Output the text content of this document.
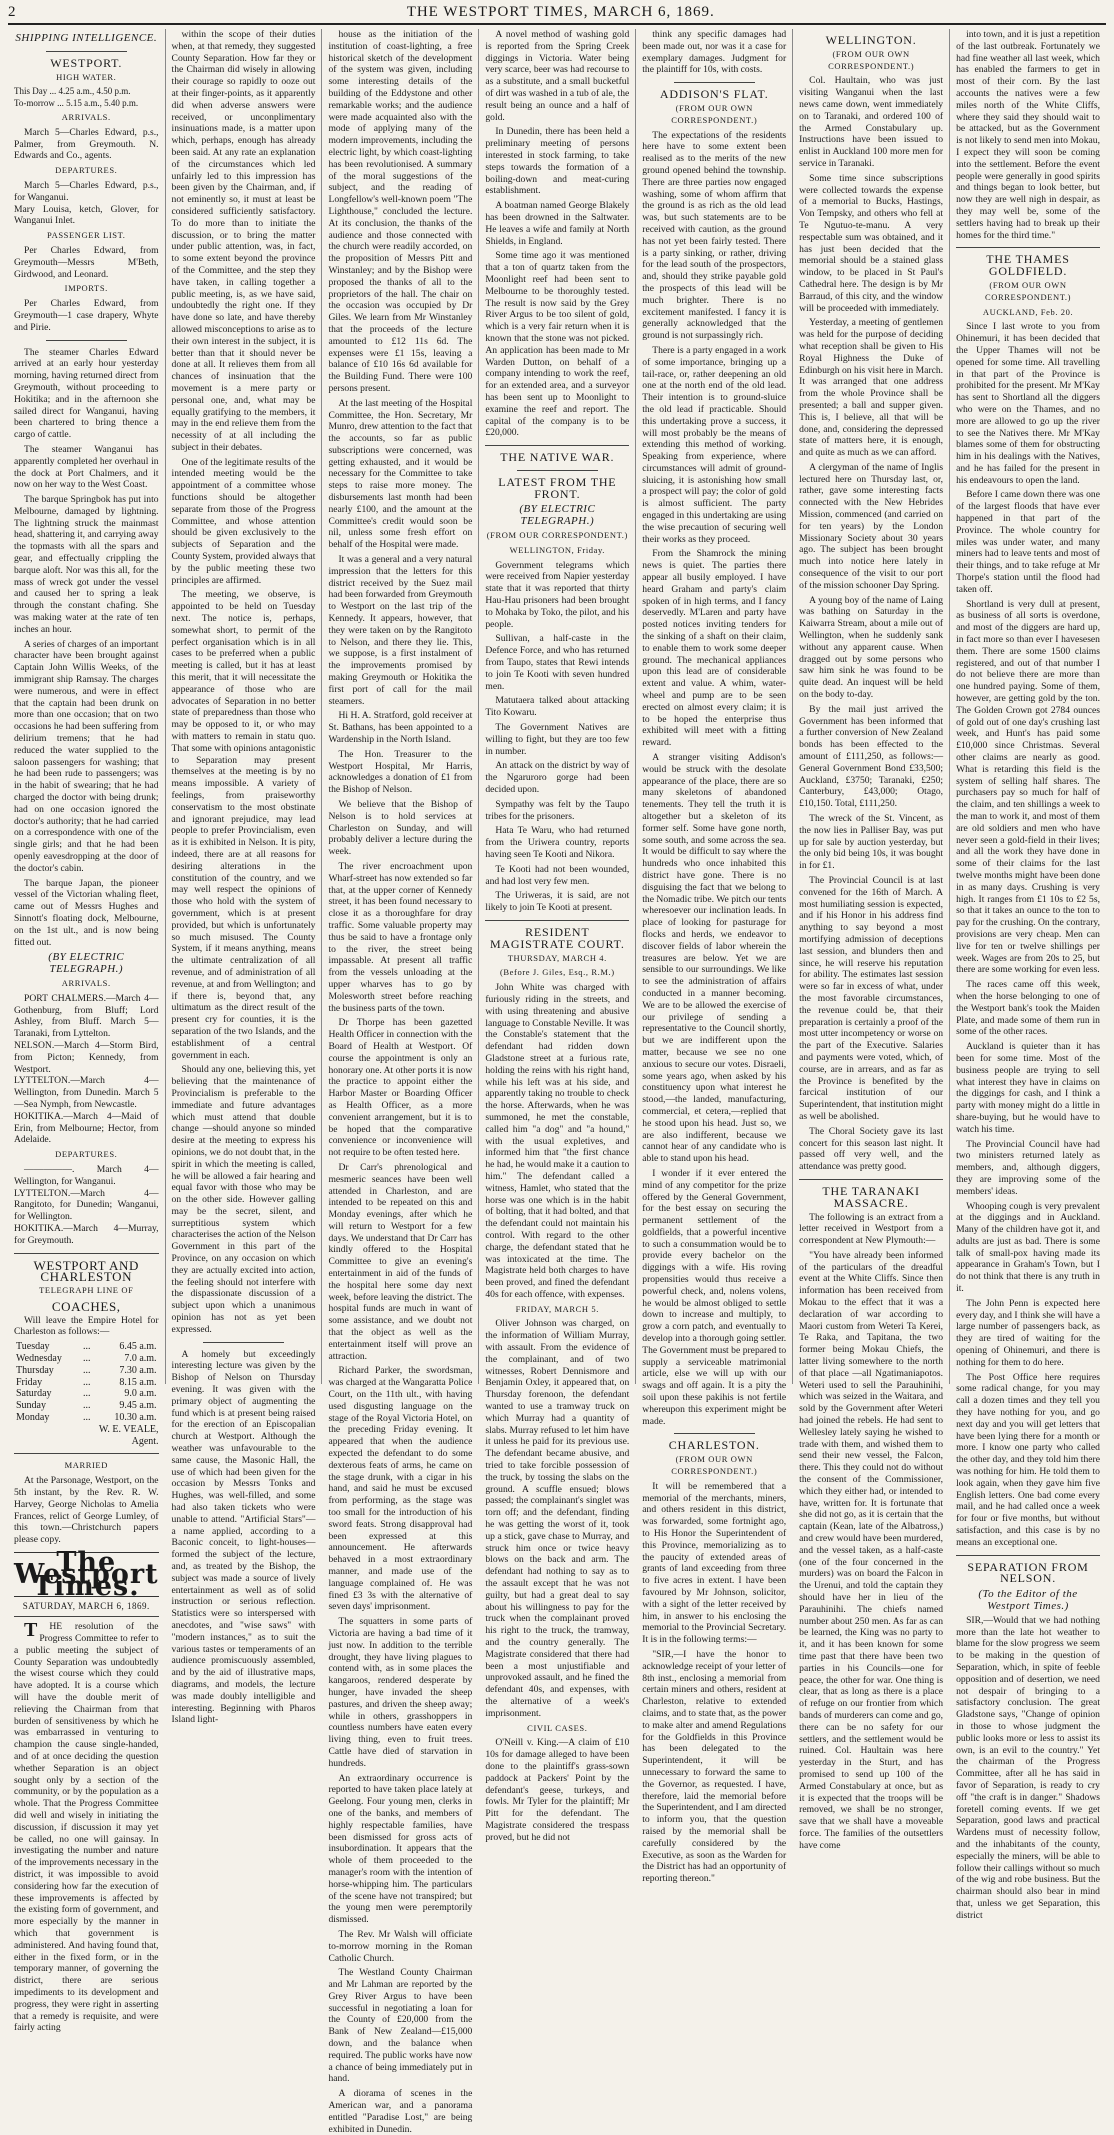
2	THE WESTPORT TIMES, MARCH 6, 1869.
SHIPPING INTELLIGENCE.
WESTPORT.
HIGH WATER.
This Day ... 4.25 a.m., 4.50 p.m.
To-morrow ... 5.15 a.m., 5.40 p.m.
ARRIVALS.

March 5—Charles Edward, p.s., Palmer, from Greymouth. N. Edwards and Co., agents.

DEPARTURES.

March 5—Charles Edward, p.s., for Wanganui.
Mary Louisa, ketch, Glover, for Wanganui Inlet.

PASSENGER LIST.

Per Charles Edward, from Greymouth—Messrs M'Beth, Girdwood, and Leonard.

IMPORTS.

Per Charles Edward, from Greymouth—1 case drapery, Whyte and Pirie.

The steamer Charles Edward arrived at an early hour yesterday morning, having returned direct from Greymouth, without proceeding to Hokitika; and in the afternoon she sailed direct for Wanganui, having been chartered to bring thence a cargo of cattle.

The steamer Wanganui has apparently completed her overhaul in the dock at Port Chalmers, and it now on her way to the West Coast.

The barque Springbok has put into Melbourne, damaged by lightning. The lightning struck the mainmast head, shattering it, and carrying away the topmasts with all the spars and gear, and effectually crippling the barque aloft. Nor was this all, for the mass of wreck got under the vessel and caused her to spring a leak through the constant chafing. She was making water at the rate of ten inches an hour.

A series of charges of an important character have been brought against Captain John Willis Weeks, of the immigrant ship Ramsay. The charges were numerous, and were in effect that the captain had been drunk on more than one occasion; that on two occasions he had been suffering from delirium tremens; that he had reduced the water supplied to the saloon passengers for washing; that he had been rude to passengers; was in the habit of swearing; that he had charged the doctor with being drunk; had on one occasion ignored the doctor's authority; that he had carried on a correspondence with one of the single girls; and that he had been openly eavesdropping at the door of the doctor's cabin.

The barque Japan, the pioneer vessel of the Victorian whaling fleet, came out of Messrs Hughes and Sinnott's floating dock, Melbourne, on the 1st ult., and is now being fitted out.

(BY ELECTRIC TELEGRAPH.)
ARRIVALS.

PORT CHALMERS.—March 4—Gothenburg, from Bluff; Lord Ashley, from Bluff. March 5—Taranaki, from Lyttelton.
NELSON.—March 4—Storm Bird, from Picton; Kennedy, from Westport.
LYTTELTON.—March 4—Wellington, from Dunedin. March 5—Sea Nymph, from Newcastle.
HOKITIKA.—March 4—Maid of Erin, from Melbourne; Hector, from Adelaide.

DEPARTURES.

—————. March 4—Wellington, for Wanganui.
LYTTELTON.—March 4—Rangitoto, for Dunedin; Wanganui, for Wellington.
HOKITIKA.—March 4—Murray, for Greymouth.

WESTPORT AND CHARLESTON
TELEGRAPH LINE OF
COACHES,

Will leave the Empire Hotel for Charleston as follows:—

Tuesday	...	6.45 a.m.
Wednesday	...	7.0 a.m.
Thursday	...	7.30 a.m.
Friday	...	8.15 a.m.
Saturday	...	9.0 a.m.
Sunday	...	9.45 a.m.
Monday	...	10.30 a.m.
W. E. VEALE,
Agent.
MARRIED

At the Parsonage, Westport, on the 5th instant, by the Rev. R. W. Harvey, George Nicholas to Amelia Frances, relict of George Lumley, of this town.—Christchurch papers please copy.

The Westport Times.
SATURDAY, MARCH 6, 1869.

THE resolution of the Progress Committee to refer to a public meeting the subject of County Separation was undoubtedly the wisest course which they could have adopted. It is a course which will have the double merit of relieving the Chairman from that burden of sensitiveness by which he was embarrassed in venturing to champion the cause single-handed, and of at once deciding the question whether Separation is an object sought only by a section of the community, or by the population as a whole. That the Progress Committee did well and wisely in initiating the discussion, if discussion it may yet be called, no one will gainsay. In investigating the number and nature of the improvements necessary in the district, it was impossible to avoid considering how far the execution of these improvements is affected by the existing form of government, and more especially by the manner in which that government is administered. And having found that, either in the fixed form, or in the temporary manner, of governing the district, there are serious impediments to its development and progress, they were right in asserting that a remedy is requisite, and were fairly acting

within the scope of their duties when, at that remedy, they suggested County Separation. How far they or the Chairman did wisely in allowing their courage so rapidly to ooze out at their finger-points, as it apparently did when adverse answers were received, or unconplimentary insinuations made, is a matter upon which, perhaps, enough has already been said. At any rate an explanation of the circumstances which led unfairly led to this impression has been given by the Chairman, and, if not eminently so, it must at least be considered sufficiently satisfactory. To do more than to initiate the discussion, or to bring the matter under public attention, was, in fact, to some extent beyond the province of the Committee, and the step they have taken, in calling together a public meeting, is, as we have said, undoubtedly the right one. If they have done so late, and have thereby allowed misconceptions to arise as to their own interest in the subject, it is better than that it should never be done at all. It relieves them from all chances of insinuation that the movement is a mere party or personal one, and, what may be equally gratifying to the members, it may in the end relieve them from the necessity of at all including the subject in their debates.

One of the legitimate results of the intended meeting would be the appointment of a committee whose functions should be altogether separate from those of the Progress Committee, and whose attention should be given exclusively to the subjects of Separation and the County System, provided always that by the public meeting these two principles are affirmed.

The meeting, we observe, is appointed to be held on Tuesday next. The notice is, perhaps, somewhat short, to permit of the perfect organisation which is in all cases to be preferred when a public meeting is called, but it has at least this merit, that it will necessitate the appearance of those who are advocates of Separation in no better state of preparedness than those who may be opposed to it, or who may with matters to remain in statu quo. That some with opinions antagonistic to Separation may present themselves at the meeting is by no means impossible. A variety of feelings, from praiseworthy conservatism to the most obstinate and ignorant prejudice, may lead people to prefer Provincialism, even as it is exhibited in Nelson. It is pity, indeed, there are at all reasons for desiring alterations in the constitution of the country, and we may well respect the opinions of those who hold with the system of government, which is at present provided, but which is unfortunately so much misused. The County System, if it means anything, means the ultimate centralization of all revenue, and of administration of all revenue, at and from Wellington; and if there is, beyond that, any ultimatum as the direct result of the present cry for counties, it is the separation of the two Islands, and the establishment of a central government in each.

Should any one, believing this, yet believing that the maintenance of Provincialism is preferable to the immediate and future advantages which must attend that double change —should anyone so minded desire at the meeting to express his opinions, we do not doubt that, in the spirit in which the meeting is called, he will be allowed a fair hearing and equal favor with those who may be on the other side. However galling may be the secret, silent, and surreptitious system which characterises the action of the Nelson Government in this part of the Province, on any occasion on which they are actually excited into action, the feeling should not interfere with the dispassionate discussion of a subject upon which a unanimous opinion has not as yet been expressed.

A homely but exceedingly interesting lecture was given by the Bishop of Nelson on Thursday evening. It was given with the primary object of augmenting the fund which is at present being raised for the erection of an Episcopalian church at Westport. Although the weather was unfavourable to the same cause, the Masonic Hall, the use of which had been given for the occasion by Messrs Tonks and Hughes, was well-filled, and some had also taken tickets who were unable to attend. "Artificial Stars"—a name applied, according to a Baconic conceit, to light-houses—formed the subject of the lecture, and, as treated by the Bishop, the subject was made a source of lively entertainment as well as of solid instruction or serious reflection. Statistics were so interspersed with anecdotes, and "wise saws" with "modern instances," as to suit the various tastes or temperaments of an audience promiscuously assembled, and by the aid of illustrative maps, diagrams, and models, the lecture was made doubly intelligible and interesting. Beginning with Pharos Island light-

house as the initiation of the institution of coast-lighting, a free historical sketch of the development of the system was given, including some interesting details of the building of the Eddystone and other remarkable works; and the audience were made acquainted also with the mode of applying many of the modern improvements, including the electric light, by which coast-lighting has been revolutionised. A summary of the moral suggestions of the subject, and the reading of Longfellow's well-known poem "The Lighthouse," concluded the lecture. At its conclusion, the thanks of the audience and those connected with the church were readily accorded, on the proposition of Messrs Pitt and Winstanley; and by the Bishop were proposed the thanks of all to the proprietors of the hall. The chair on the occasion was occupied by Dr Giles. We learn from Mr Winstanley that the proceeds of the lecture amounted to £12 11s 6d. The expenses were £1 15s, leaving a balance of £10 16s 6d available for the Building Fund. There were 100 persons present.

At the last meeting of the Hospital Committee, the Hon. Secretary, Mr Munro, drew attention to the fact that the accounts, so far as public subscriptions were concerned, was getting exhausted, and it would be necessary for the Committee to take steps to raise more money. The disbursements last month had been nearly £100, and the amount at the Committee's credit would soon be nil, unless some fresh effort on behalf of the Hospital were made.

It was a general and a very natural impression that the letters for this district received by the Suez mail had been forwarded from Greymouth to Westport on the last trip of the Kennedy. It appears, however, that they were taken on by the Rangitoto to Nelson, and there they lie. This, we suppose, is a first instalment of the improvements promised by making Greymouth or Hokitika the first port of call for the mail steamers.

Hi H. A. Stratford, gold receiver at St. Bathans, has been appointed to a Wardenship in the North Island.

The Hon. Treasurer to the Westport Hospital, Mr Harris, acknowledges a donation of £1 from the Bishop of Nelson.

We believe that the Bishop of Nelson is to hold services at Charleston on Sunday, and will probably deliver a lecture during the week.

The river encroachment upon Wharf-street has now extended so far that, at the upper corner of Kennedy street, it has been found necessary to close it as a thoroughfare for dray traffic. Some valuable property may thus be said to have a frontage only to the river, the street being impassable. At present all traffic from the vessels unloading at the upper wharves has to go by Molesworth street before reaching the business parts of the town.

Dr Thorpe has been gazetted Health Officer in connection with the Board of Health at Westport. Of course the appointment is only an honorary one. At other ports it is now the practice to appoint either the Harbor Master or Boarding Officer as Health Officer, as a more convenient arrangement, but it is to be hoped that the comparative convenience or inconvenience will not require to be often tested here.

Dr Carr's phrenological and mesmeric seances have been well attended in Charleston, and are intended to be repeated on this and Monday evenings, after which he will return to Westport for a few days. We understand that Dr Carr has kindly offered to the Hospital Committee to give an evening's entertainment in aid of the funds of the hospital here some day next week, before leaving the district. The hospital funds are much in want of some assistance, and we doubt not that the object as well as the entertainment itself will prove an attraction.

Richard Parker, the swordsman, was charged at the Wangaratta Police Court, on the 11th ult., with having used disgusting language on the stage of the Royal Victoria Hotel, on the preceding Friday evening. It appeared that when the audience expected the defendant to do some dexterous feats of arms, he came on the stage drunk, with a cigar in his hand, and said he must be excused from performing, as the stage was too small for the introduction of his sword feats. Strong disapproval had been expressed at this announcement. He afterwards behaved in a most extraordinary manner, and made use of the language complained of. He was fined £3 3s with the alternative of seven days' imprisonment.

The squatters in some parts of Victoria are having a bad time of it just now. In addition to the terrible drought, they have living plagues to contend with, as in some places the kangaroos, rendered desperate by hunger, have invaded the sheep pastures, and driven the sheep away; while in others, grasshoppers in countless numbers have eaten every living thing, even to fruit trees. Cattle have died of starvation in hundreds.

An extraordinary occurrence is reported to have taken place lately at Geelong. Four young men, clerks in one of the banks, and members of highly respectable families, have been dismissed for gross acts of insubordination. It appears that the whole of them proceeded to the manager's room with the intention of horse-whipping him. The particulars of the scene have not transpired; but the young men were peremptorily dismissed.

The Rev. Mr Walsh will officiate to-morrow morning in the Roman Catholic Church.

The Westland County Chairman and Mr Lahman are reported by the Grey River Argus to have been successful in negotiating a loan for the County of £20,000 from the Bank of New Zealand—£15,000 down, and the balance when required. The public works have now a chance of being immediately put in hand.

A diorama of scenes in the American war, and a panorama entitled "Paradise Lost," are being exhibited in Dunedin.

A novel method of washing gold is reported from the Spring Creek diggings in Victoria. Water being very scarce, beer was had recourse to as a substitute, and a small bucketful of dirt was washed in a tub of ale, the result being an ounce and a half of gold.

In Dunedin, there has been held a preliminary meeting of persons interested in stock farming, to take steps towards the formation of a boiling-down and meat-curing establishment.

A boatman named George Blakely has been drowned in the Saltwater. He leaves a wife and family at North Shields, in England.

Some time ago it was mentioned that a ton of quartz taken from the Moonlight reef had been sent to Melbourne to be thoroughly tested. The result is now said by the Grey River Argus to be too silent of gold, which is a very fair return when it is known that the stone was not picked. An application has been made to Mr Warden Dutton, on behalf of a company intending to work the reef, for an extended area, and a surveyor has been sent up to Moonlight to examine the reef and report. The capital of the company is to be £20,000.

THE NATIVE WAR.
LATEST FROM THE FRONT.
(BY ELECTRIC TELEGRAPH.)
(FROM OUR CORRESPONDENT.)
WELLINGTON, Friday.

Government telegrams which were received from Napier yesterday state that it was reported that thirty Hau-Hau prisoners had been brought to Mohaka by Toko, the pilot, and his people.

Sullivan, a half-caste in the Defence Force, and who has returned from Taupo, states that Rewi intends to join Te Kooti with seven hundred men.

Matutaera talked about attacking Tito Kowaru.

The Government Natives are willing to fight, but they are too few in number.

An attack on the district by way of the Ngaruroro gorge had been decided upon.

Sympathy was felt by the Taupo tribes for the prisoners.

Hata Te Waru, who had returned from the Uriwera country, reports having seen Te Kooti and Nikora.

Te Kooti had not been wounded, and had lost very few men.

The Uriweras, it is said, are not likely to join Te Kooti at present.

RESIDENT MAGISTRATE COURT.
THURSDAY, MARCH 4.
(Before J. Giles, Esq., R.M.)

John White was charged with furiously riding in the streets, and with using threatening and abusive language to Constable Neville. It was the Constable's statement that the defendant had ridden down Gladstone street at a furious rate, holding the reins with his right hand, while his left was at his side, and apparently taking no trouble to check the horse. Afterwards, when he was summoned, he met the constable, called him "a dog" and "a hound," with the usual expletives, and informed him that "the first chance he had, he would make it a caution to him." The defendant called a witness, Hamlet, who stated that the horse was one which is in the habit of bolting, that it had bolted, and that the defendant could not maintain his control. With regard to the other charge, the defendant stated that he was intoxicated at the time. The Magistrate held both charges to have been proved, and fined the defendant 40s for each offence, with expenses.

FRIDAY, MARCH 5.

Oliver Johnson was charged, on the information of William Murray, with assault. From the evidence of the complainant, and of two witnesses, Robert Dennismore and Benjamin Oxley, it appeared that, on Thursday forenoon, the defendant wanted to use a tramway truck on which Murray had a quantity of slabs. Murray refused to let him have it unless he paid for its previous use. The defendant became abusive, and tried to take forcible possession of the truck, by tossing the slabs on the ground. A scuffle ensued; blows passed; the complainant's singlet was torn off; and the defendant, finding he was getting the worst of it, took up a stick, gave chase to Murray, and struck him once or twice heavy blows on the back and arm. The defendant had nothing to say as to the assault except that he was not guilty, but had a great deal to say about his willingness to pay for the truck when the complainant proved his right to the truck, the tramway, and the country generally. The Magistrate considered that there had been a most unjustifiable and unprovoked assault, and he fined the defendant 40s, and expenses, with the alternative of a week's imprisonment.

CIVIL CASES.

O'Neill v. King.—A claim of £10 10s for damage alleged to have been done to the plaintiff's grass-sown paddock at Packers' Point by the defendant's geese, turkeys, and fowls. Mr Tyler for the plaintiff; Mr Pitt for the defendant. The Magistrate considered the trespass proved, but he did not

think any specific damages had been made out, nor was it a case for exemplary damages. Judgment for the plaintiff for 10s, with costs.

ADDISON'S FLAT.
(FROM OUR OWN CORRESPONDENT.)

The expectations of the residents here have to some extent been realised as to the merits of the new ground opened behind the township. There are three parties now engaged washing, some of whom affirm that the ground is as rich as the old lead was, but such statements are to be received with caution, as the ground has not yet been fairly tested. There is a party sinking, or rather, driving for the lead south of the prospectors, and, should they strike payable gold the prospects of this lead will be much brighter. There is no excitement manifested. I fancy it is generally acknowledged that the ground is not surpassingly rich.

There is a party engaged in a work of some importance, bringing up a tail-race, or, rather deepening an old one at the north end of the old lead. Their intention is to ground-sluice the old lead if practicable. Should this undertaking prove a success, it will most probably be the means of extending this method of working. Speaking from experience, where circumstances will admit of ground-sluicing, it is astonishing how small a prospect will pay; the color of gold is almost sufficient. The party engaged in this undertaking are using the wise precaution of securing well their works as they proceed.

From the Shamrock the mining news is quiet. The parties there appear all busily employed. I have heard Graham and party's claim spoken of in high terms, and I fancy deservedly. M'Laren and party have posted notices inviting tenders for the sinking of a shaft on their claim, to enable them to work some deeper ground. The mechanical appliances upon this lead are of considerable extent and value. A whim, water-wheel and pump are to be seen erected on almost every claim; it is to be hoped the enterprise thus exhibited will meet with a fitting reward.

A stranger visiting Addison's would be struck with the desolate appearance of the place, there are so many skeletons of abandoned tenements. They tell the truth it is altogether but a skeleton of its former self. Some have gone north, some south, and some across the sea. It would be difficult to say where the hundreds who once inhabited this district have gone. There is no disguising the fact that we belong to the Nomadic tribe. We pitch our tents wheresoever our inclination leads. In place of looking for pasturage for flocks and herds, we endeavor to discover fields of labor wherein the treasures are below. Yet we are sensible to our surroundings. We like to see the administration of affairs conducted in a manner becoming. We are to be allowed the exercise of our privilege of sending a representative to the Council shortly, but we are indifferent upon the matter, because we see no one anxious to secure our votes. Disraeli, some years ago, when asked by his constituency upon what interest he stood,—the landed, manufacturing, commercial, et cetera,—replied that he stood upon his head. Just so, we are also indifferent, because we cannot hear of any candidate who is able to stand upon his head.

I wonder if it ever entered the mind of any competitor for the prize offered by the General Government, for the best essay on securing the permanent settlement of the goldfields, that a powerful incentive to such a consummation would be to provide every bachelor on the diggings with a wife. His roving propensities would thus receive a powerful check, and, nolens volens, he would be almost obliged to settle down to increase and multiply, to grow a corn patch, and eventually to develop into a thorough going settler. The Government must be prepared to supply a serviceable matrimonial article, else we will up with our swags and off again. It is a pity the soil upon these pakihis is not fertile whereupon this experiment might be made.

CHARLESTON.
(FROM OUR OWN CORRESPONDENT.)

It will be remembered that a memorial of the merchants, miners, and others resident in this district, was forwarded, some fortnight ago, to His Honor the Superintendent of this Province, memorializing as to the paucity of extended areas of grants of land exceeding from three to five acres in extent. I have been favoured by Mr Johnson, solicitor, with a sight of the letter received by him, in answer to his enclosing the memorial to the Provincial Secretary. It is in the following terms:—

"SIR,—I have the honor to acknowledge receipt of your letter of 8th inst., enclosing a memorial from certain miners and others, resident at Charleston, relative to extended claims, and to state that, as the power to make alter and amend Regulations for the Goldfields in this Province has been delegated to the Superintendent, it will be unnecessary to forward the same to the Governor, as requested. I have, therefore, laid the memorial before the Superintendent, and I am directed to inform you, that the question raised by the memorial shall be carefully considered by the Executive, as soon as the Warden for the District has had an opportunity of reporting thereon."

WELLINGTON.
(FROM OUR OWN CORRESPONDENT.)

Col. Haultain, who was just visiting Wanganui when the last news came down, went immediately on to Taranaki, and ordered 100 of the Armed Constabulary up. Instructions have been issued to enlist in Auckland 100 more men for service in Taranaki.

Some time since subscriptions were collected towards the expense of a memorial to Bucks, Hastings, Von Tempsky, and others who fell at Te Ngutuo-te-manu. A very respectable sum was obtained, and it has just been decided that the memorial should be a stained glass window, to be placed in St Paul's Cathedral here. The design is by Mr Barraud, of this city, and the window will be proceeded with immediately.

Yesterday, a meeting of gentlemen was held for the purpose of deciding what reception shall be given to His Royal Highness the Duke of Edinburgh on his visit here in March. It was arranged that one address from the whole Province shall be presented; a ball and supper given. This is, I believe, all that will be done, and, considering the depressed state of matters here, it is enough, and quite as much as we can afford.

A clergyman of the name of Inglis lectured here on Thursday last, or, rather, gave some interesting facts connected with the New Hebrides Mission, commenced (and carried on for ten years) by the London Missionary Society about 30 years ago. The subject has been brought much into notice here lately in consequence of the visit to our port of the mission schooner Day Spring.

A young boy of the name of Laing was bathing on Saturday in the Kaiwarra Stream, about a mile out of Wellington, when he suddenly sank without any apparent cause. When dragged out by some persons who saw him sink he was found to be quite dead. An inquest will be held on the body to-day.

By the mail just arrived the Government has been informed that a further conversion of New Zealand bonds has been effected to the amount of £111,250, as follows:—General Government Bond £33,500; Auckland, £3750; Taranaki, £250; Canterbury, £43,000; Otago, £10,150. Total, £111,250.

The wreck of the St. Vincent, as the now lies in Palliser Bay, was put up for sale by auction yesterday, but the only bid being 10s, it was bought in for £1.

The Provincial Council is at last convened for the 16th of March. A most humiliating session is expected, and if his Honor in his address find anything to say beyond a most mortifying admission of deceptions last session, and blunders then and since, he will reserve his reputation for ability. The estimates last session were so far in excess of what, under the most favorable circumstances, the revenue could be, that their preparation is certainly a proof of the most utter incompetency or worse on the part of the Executive. Salaries and payments were voted, which, of course, are in arrears, and as far as the Province is benefited by the farcical institution of our Superintendent, that institution might as well be abolished.

The Choral Society gave its last concert for this season last night. It passed off very well, and the attendance was pretty good.

THE TARANAKI MASSACRE.

The following is an extract from a letter received in Westport from a correspondent at New Plymouth:—

"You have already been informed of the particulars of the dreadful event at the White Cliffs. Since then information has been received from Mokau to the effect that it was a declaration of war according to Maori custom from Weteri Ta Kerei, Te Raka, and Tapitana, the two former being Mokau Chiefs, the latter living somewhere to the north of that place —all Ngatimaniapotos. Weteri used to sell the Parauhinihi, which was seized in the Waitara, and sold by the Government after Weteri had joined the rebels. He had sent to Wellesley lately saying he wished to trade with them, and wished them to send their new vessel, the Falcon, there. This they could not do without the consent of the Commissioner, which they either had, or intended to have, written for. It is fortunate that she did not go, as it is certain that the captain (Kean, late of the Albatross,) and crew would have been murdered, and the vessel taken, as a half-caste (one of the four concerned in the murders) was on board the Falcon in the Urenui, and told the captain they should have her in lieu of the Parauhinihi. The chiefs named number about 250 men. As far as can be learned, the King was no party to it, and it has been known for some time past that there have been two parties in his Councils—one for peace, the other for war. One thing is clear, that as long as there is a place of refuge on our frontier from which bands of murderers can come and go, there can be no safety for our settlers, and the settlement would be ruined. Col. Haultain was here yesterday in the Sturt, and has promised to send up 100 of the Armed Constabulary at once, but as it is expected that the troops will be removed, we shall be no stronger, save that we shall have a moveable force. The families of the outsettlers have come

into town, and it is just a repetition of the last outbreak. Fortunately we had fine weather all last week, which has enabled the farmers to get in most of their corn. By the last accounts the natives were a few miles north of the White Cliffs, where they said they should wait to be attacked, but as the Government is not likely to send men into Mokau, I expect they will soon be coming into the settlement. Before the event people were generally in good spirits and things began to look better, but now they are well nigh in despair, as they may well be, some of the settlers having had to break up their homes for the third time."

THE THAMES GOLDFIELD.
(FROM OUR OWN CORRESPONDENT.)
AUCKLAND, Feb. 20.

Since I last wrote to you from Ohinemuri, it has been decided that the Upper Thames will not be opened for some time. All travelling in that part of the Province is prohibited for the present. Mr M'Kay has sent to Shortland all the diggers who were on the Thames, and no more are allowed to go up the river to see the Natives there. Mr M'Kay blames some of them for obstructing him in his dealings with the Natives, and he has failed for the present in his endeavours to open the land.

Before I came down there was one of the largest floods that have ever happened in that part of the Province. The whole country for miles was under water, and many miners had to leave tents and most of their things, and to take refuge at Mr Thorpe's station until the flood had taken off.

Shortland is very dull at present, as business of all sorts is overdone, and most of the diggers are hard up, in fact more so than ever I havesesen them. There are some 1500 claims registered, and out of that number I do not believe there are more than one hundred paying. Some of them, however, are getting gold by the ton. The Golden Crown got 2784 ounces of gold out of one day's crushing last week, and Hunt's has paid some £10,000 since Christmas. Several other claims are nearly as good. What is retarding this field is the system of selling half shares. The purchasers pay so much for half of the claim, and ten shillings a week to the man to work it, and most of them are old soldiers and men who have never seen a gold-field in their lives; and all the work they have done in some of their claims for the last twelve months might have been done in as many days. Crushing is very high. It ranges from £1 10s to £2 5s, so that it takes an ounce to the ton to pay for the crushing. On the contrary, provisions are very cheap. Men can live for ten or twelve shillings per week. Wages are from 20s to 25, but there are some working for even less.

The races came off this week, when the horse belonging to one of the Westport bank's took the Maiden Plate, and made some of them run in some of the other races.

Auckland is quieter than it has been for some time. Most of the business people are trying to sell what interest they have in claims on the diggings for cash, and I think a party with money might do a little in share-buying, but he would have to watch his time.

The Provincial Council have had two ministers returned lately as members, and, although diggers, they are improving some of the members' ideas.

Whooping cough is very prevalent at the diggings and in Auckland. Many of the children have got it, and adults are just as bad. There is some talk of small-pox having made its appearance in Graham's Town, but I do not think that there is any truth in it.

The John Penn is expected here every day, and I think she will have a large number of passengers back, as they are tired of waiting for the opening of Ohinemuri, and there is nothing for them to do here.

The Post Office here requires some radical change, for you may call a dozen times and they tell you they have nothing for you, and go next day and you will get letters that have been lying there for a month or more. I know one party who called the other day, and they told him there was nothing for him. He told them to look again, when they gave him five English letters. One bad come every mail, and he had called once a week for four or five months, but without satisfaction, and this case is by no means an exceptional one.

SEPARATION FROM NELSON.
(To the Editor of the Westport Times.)

SIR,—Would that we had nothing more than the late hot weather to blame for the slow progress we seem to be making in the question of Separation, which, in spite of feeble opposition and of desertion, we need not despair of bringing to a satisfactory conclusion. The great Gladstone says, "Change of opinion in those to whose judgment the public looks more or less to assist its own, is an evil to the country." Yet the chairman of the Progress Committee, after all he has said in favor of Separation, is ready to cry off "the craft is in danger." Shadows foretell coming events. If we get Separation, good laws and practical Wardens must of necessity follow, and the inhabitants of the county, especially the miners, will be able to follow their callings without so much of the wig and robe business. But the chairman should also bear in mind that, unless we get Separation, this district
